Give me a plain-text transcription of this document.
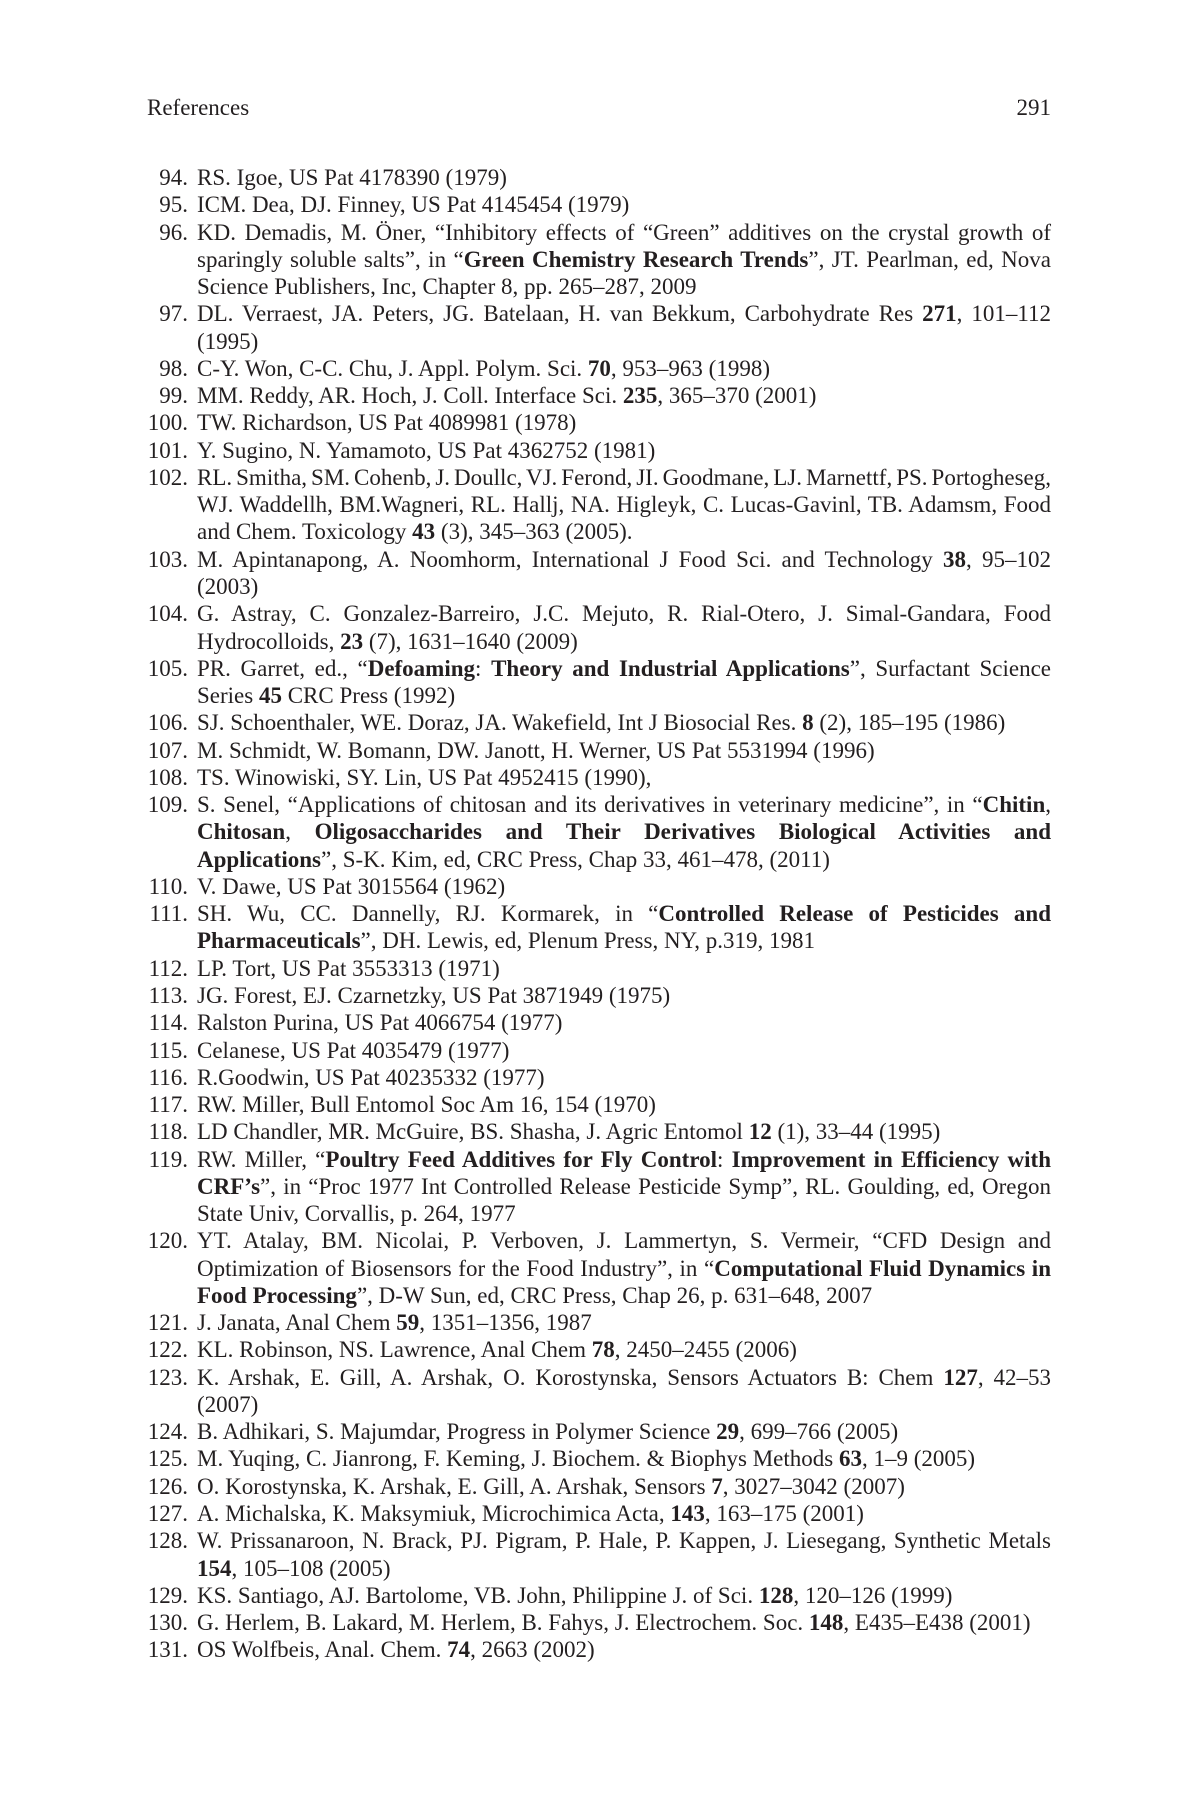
References	291
94. RS. Igoe, US Pat 4178390 (1979)
95. ICM. Dea, DJ. Finney, US Pat 4145454 (1979)
96. KD. Demadis, M. Öner, “Inhibitory effects of “Green” additives on the crystal growth of
sparingly soluble salts”, in “Green Chemistry Research Trends”, JT. Pearlman, ed, Nova
Science Publishers, Inc, Chapter 8, pp. 265–287, 2009
97. DL. Verraest, JA. Peters, JG. Batelaan, H. van Bekkum, Carbohydrate Res 271, 101–112
(1995)
98. C-Y. Won, C-C. Chu, J. Appl. Polym. Sci. 70, 953–963 (1998)
99. MM. Reddy, AR. Hoch, J. Coll. Interface Sci. 235, 365–370 (2001)
100. TW. Richardson, US Pat 4089981 (1978)
101. Y. Sugino, N. Yamamoto, US Pat 4362752 (1981)
102. RL. Smitha, SM. Cohenb, J. Doullc, VJ. Ferond, JI. Goodmane, LJ. Marnettf, PS. Portogheseg,
WJ. Waddellh, BM.Wagneri, RL. Hallj, NA. Higleyk, C. Lucas-Gavinl, TB. Adamsm, Food
and Chem. Toxicology 43 (3), 345–363 (2005).
103. M. Apintanapong, A. Noomhorm, International J Food Sci. and Technology 38, 95–102
(2003)
104. G. Astray, C. Gonzalez-Barreiro, J.C. Mejuto, R. Rial-Otero, J. Simal-Gandara, Food
Hydrocolloids, 23 (7), 1631–1640 (2009)
105. PR. Garret, ed., “Defoaming: Theory and Industrial Applications”, Surfactant Science
Series 45 CRC Press (1992)
106. SJ. Schoenthaler, WE. Doraz, JA. Wakefield, Int J Biosocial Res. 8 (2), 185–195 (1986)
107. M. Schmidt, W. Bomann, DW. Janott, H. Werner, US Pat 5531994 (1996)
108. TS. Winowiski, SY. Lin, US Pat 4952415 (1990),
109. S. Senel, “Applications of chitosan and its derivatives in veterinary medicine”, in “Chitin,
Chitosan, Oligosaccharides and Their Derivatives Biological Activities and
Applications”, S-K. Kim, ed, CRC Press, Chap 33, 461–478, (2011)
110. V. Dawe, US Pat 3015564 (1962)
111. SH. Wu, CC. Dannelly, RJ. Kormarek, in “Controlled Release of Pesticides and
Pharmaceuticals”, DH. Lewis, ed, Plenum Press, NY, p.319, 1981
112. LP. Tort, US Pat 3553313 (1971)
113. JG. Forest, EJ. Czarnetzky, US Pat 3871949 (1975)
114. Ralston Purina, US Pat 4066754 (1977)
115. Celanese, US Pat 4035479 (1977)
116. R.Goodwin, US Pat 40235332 (1977)
117. RW. Miller, Bull Entomol Soc Am 16, 154 (1970)
118. LD Chandler, MR. McGuire, BS. Shasha, J. Agric Entomol 12 (1), 33–44 (1995)
119. RW. Miller, “Poultry Feed Additives for Fly Control: Improvement in Efficiency with
CRF’s”, in “Proc 1977 Int Controlled Release Pesticide Symp”, RL. Goulding, ed, Oregon
State Univ, Corvallis, p. 264, 1977
120. YT. Atalay, BM. Nicolai, P. Verboven, J. Lammertyn, S. Vermeir, “CFD Design and
Optimization of Biosensors for the Food Industry”, in “Computational Fluid Dynamics in
Food Processing”, D-W Sun, ed, CRC Press, Chap 26, p. 631–648, 2007
121. J. Janata, Anal Chem 59, 1351–1356, 1987
122. KL. Robinson, NS. Lawrence, Anal Chem 78, 2450–2455 (2006)
123. K. Arshak, E. Gill, A. Arshak, O. Korostynska, Sensors Actuators B: Chem 127, 42–53
(2007)
124. B. Adhikari, S. Majumdar, Progress in Polymer Science 29, 699–766 (2005)
125. M. Yuqing, C. Jianrong, F. Keming, J. Biochem. & Biophys Methods 63, 1–9 (2005)
126. O. Korostynska, K. Arshak, E. Gill, A. Arshak, Sensors 7, 3027–3042 (2007)
127. A. Michalska, K. Maksymiuk, Microchimica Acta, 143, 163–175 (2001)
128. W. Prissanaroon, N. Brack, PJ. Pigram, P. Hale, P. Kappen, J. Liesegang, Synthetic Metals
154, 105–108 (2005)
129. KS. Santiago, AJ. Bartolome, VB. John, Philippine J. of Sci. 128, 120–126 (1999)
130. G. Herlem, B. Lakard, M. Herlem, B. Fahys, J. Electrochem. Soc. 148, E435–E438 (2001)
131. OS Wolfbeis, Anal. Chem. 74, 2663 (2002)
